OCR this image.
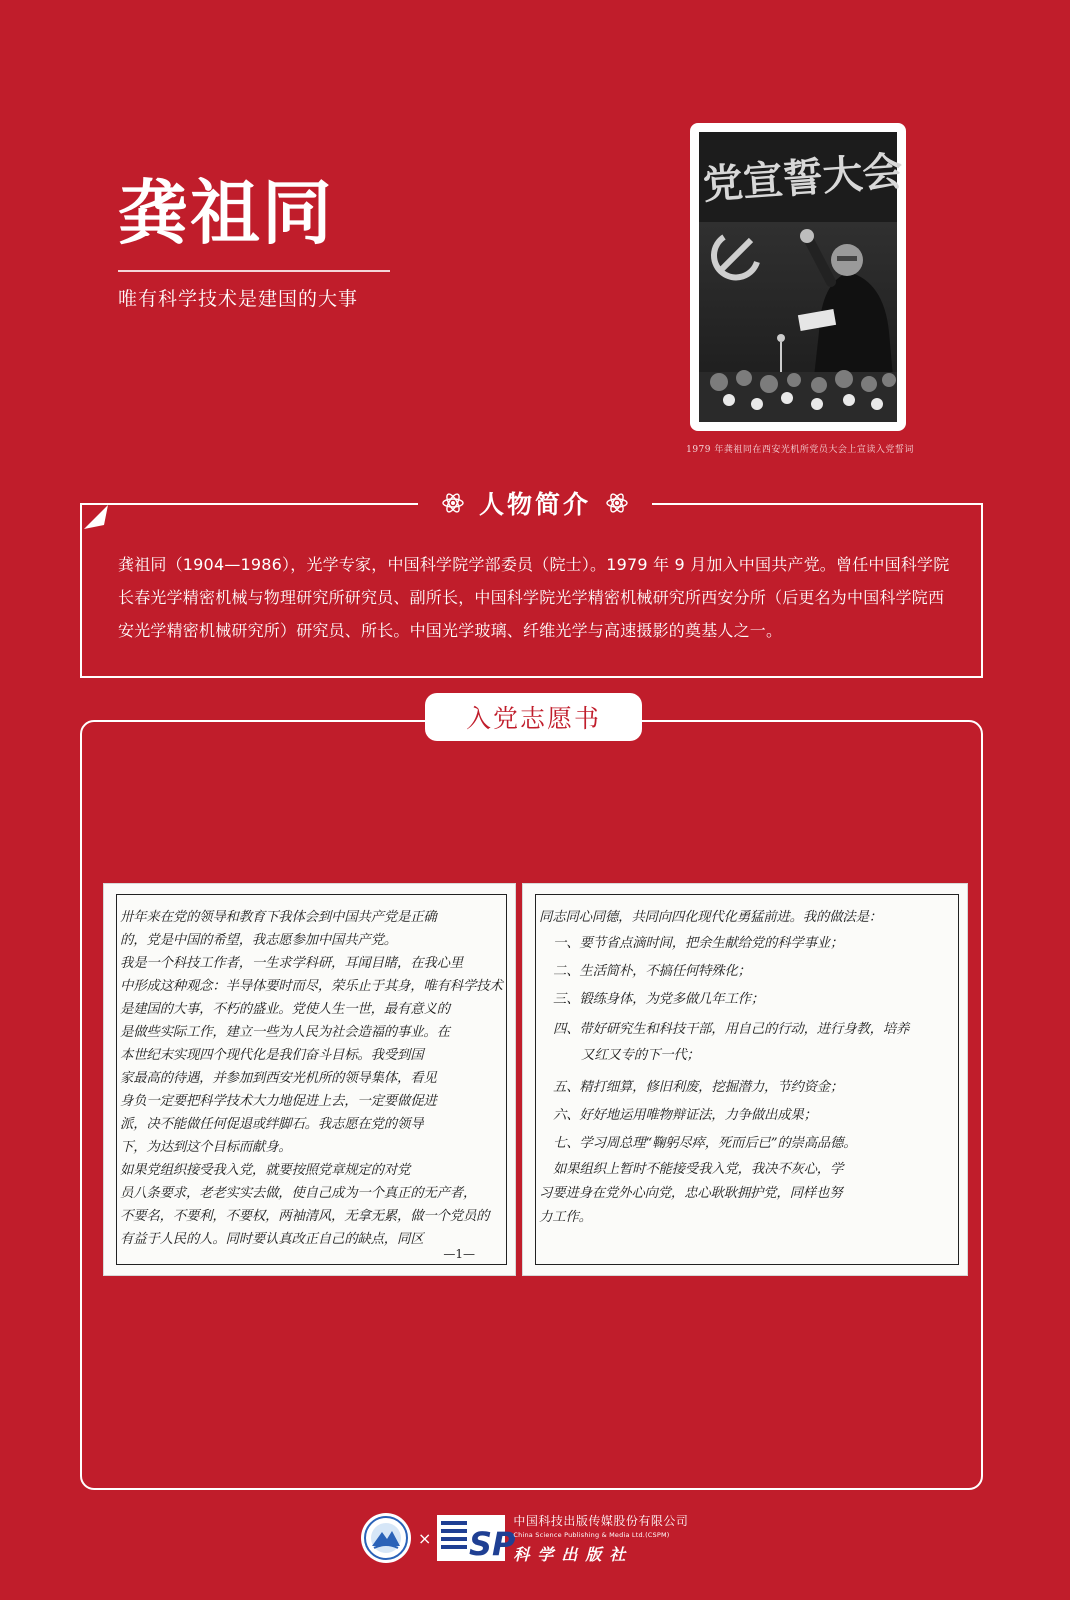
龚祖同
唯有科学技术是建国的大事
党宣誓大会
1979 年龚祖同在西安光机所党员大会上宣读入党誓词
人物简介
龚祖同（1904—1986），光学专家，中国科学院学部委员（院士）。1979 年 9 月加入中国共产党。曾任中国科学院长春光学精密机械与物理研究所研究员、副所长，中国科学院光学精密机械研究所西安分所（后更名为中国科学院西安光学精密机械研究所）研究员、所长。中国光学玻璃、纤维光学与高速摄影的奠基人之一。
入党志愿书
卅年来在党的领导和教育下我体会到中国共产党是正确
的，党是中国的希望，我志愿参加中国共产党。
我是一个科技工作者，一生求学科研，耳闻目睹，在我心里
中形成这种观念：半导体要时而尽，荣乐止于其身，唯有科学技术
是建国的大事，不朽的盛业。党使人生一世，最有意义的
是做些实际工作，建立一些为人民为社会造福的事业。在
本世纪末实现四个现代化是我们奋斗目标。我受到国
家最高的待遇，并参加到西安光机所的领导集体，看见
身负一定要把科学技术大力地促进上去，一定要做促进
派，决不能做任何促退或绊脚石。我志愿在党的领导
下，为达到这个目标而献身。
如果党组织接受我入党，就要按照党章规定的对党
员八条要求，老老实实去做，使自己成为一个真正的无产者，
不要名，不要利，不要权，两袖清风，无拿无累，做一个党员的
有益于人民的人。同时要认真改正自己的缺点，同区
—1—
同志同心同德，共同向四化现代化勇猛前进。我的做法是：
一、要节省点滴时间，把余生献给党的科学事业；
二、生活简朴，不搞任何特殊化；
三、锻练身体，为党多做几年工作；
四、带好研究生和科技干部，用自己的行动，进行身教，培养
又红又专的下一代；
五、精打细算，修旧利废，挖掘潜力，节约资金；
六、好好地运用唯物辩证法，力争做出成果；
七、学习周总理“鞠躬尽瘁，死而后已”的崇高品德。
如果组织上暂时不能接受我入党，我决不灰心，学
习要进身在党外心向党，忠心耿耿拥护党，同样也努
力工作。
× SP
中国科技出版传媒股份有限公司
China Science Publishing & Media Ltd.(CSPM)
科学出版社
